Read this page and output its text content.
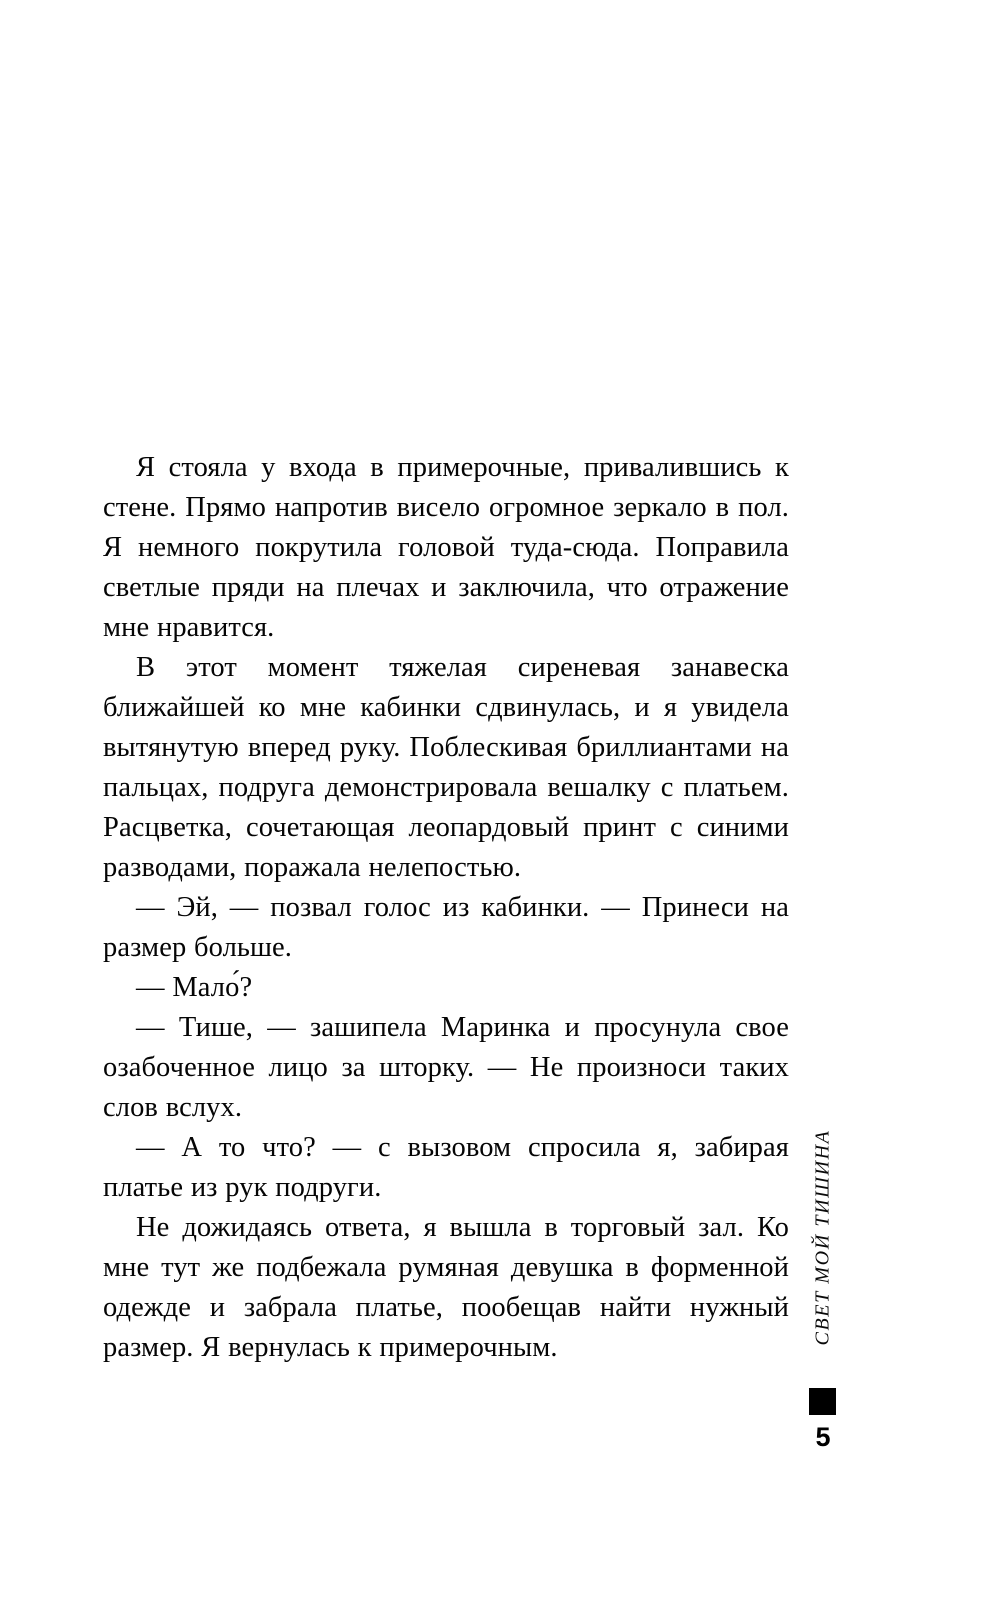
Я стояла у входа в примерочные, привалившись к стене. Прямо напротив висело огромное зеркало в пол. Я немного покрутила головой туда-сюда. Поправила светлые пряди на плечах и заключила, что отражение мне нравится.

В этот момент тяжелая сиреневая занавеска ближайшей ко мне кабинки сдвинулась, и я увидела вытянутую вперед руку. Поблескивая бриллиантами на пальцах, подруга демонстрировала вешалку с платьем. Расцветка, сочетающая леопардовый принт с синими разводами, поражала нелепостью.

— Эй, — позвал голос из кабинки. — Принеси на размер больше.

— Мало́?

— Тише, — зашипела Маринка и просунула свое озабоченное лицо за шторку. — Не произноси таких слов вслух.

— А то что? — с вызовом спросила я, забирая платье из рук подруги.

Не дожидаясь ответа, я вышла в торговый зал. Ко мне тут же подбежала румяная девушка в форменной одежде и забрала платье, пообещав найти нужный размер. Я вернулась к примерочным.

СВЕТ МОЙ ТИШИНА
5
